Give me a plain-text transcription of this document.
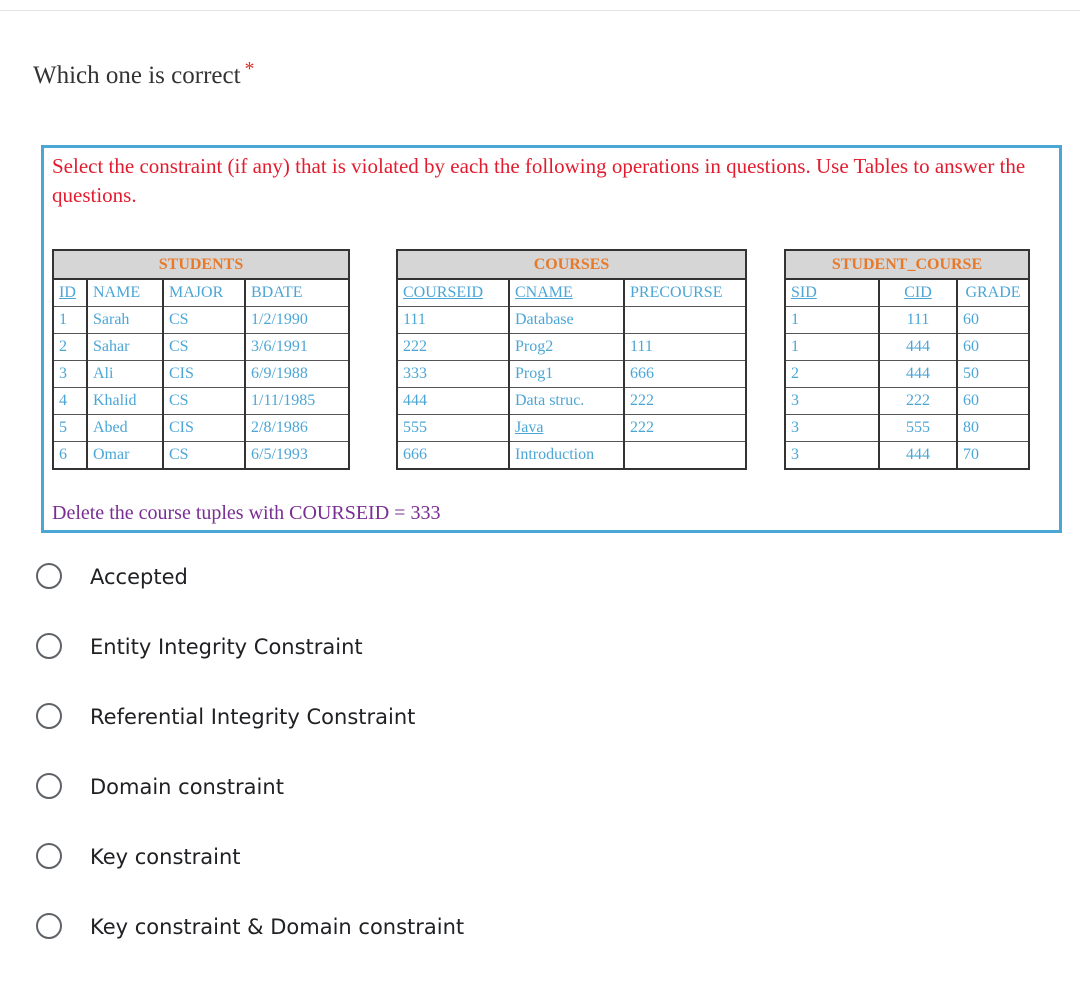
Which one is correct *
Select the constraint (if any) that is violated by each the following operations in questions. Use Tables to answer the questions.
STUDENTS			
ID	NAME	MAJOR	BDATE
1	Sarah	CS	1/2/1990
2	Sahar	CS	3/6/1991
3	Ali	CIS	6/9/1988
4	Khalid	CS	1/11/1985
5	Abed	CIS	2/8/1986
6	Omar	CS	6/5/1993
COURSES		
COURSEID	CNAME	PRECOURSE
111	Database	
222	Prog2	111
333	Prog1	666
444	Data struc.	222
555	Java	222
666	Introduction	
STUDENT_COURSE		
SID	CID	GRADE
1	111	60
1	444	60
2	444	50
3	222	60
3	555	80
3	444	70
Delete the course tuples with COURSEID = 333
Accepted
Entity Integrity Constraint
Referential Integrity Constraint
Domain constraint
Key constraint
Key constraint & Domain constraint
